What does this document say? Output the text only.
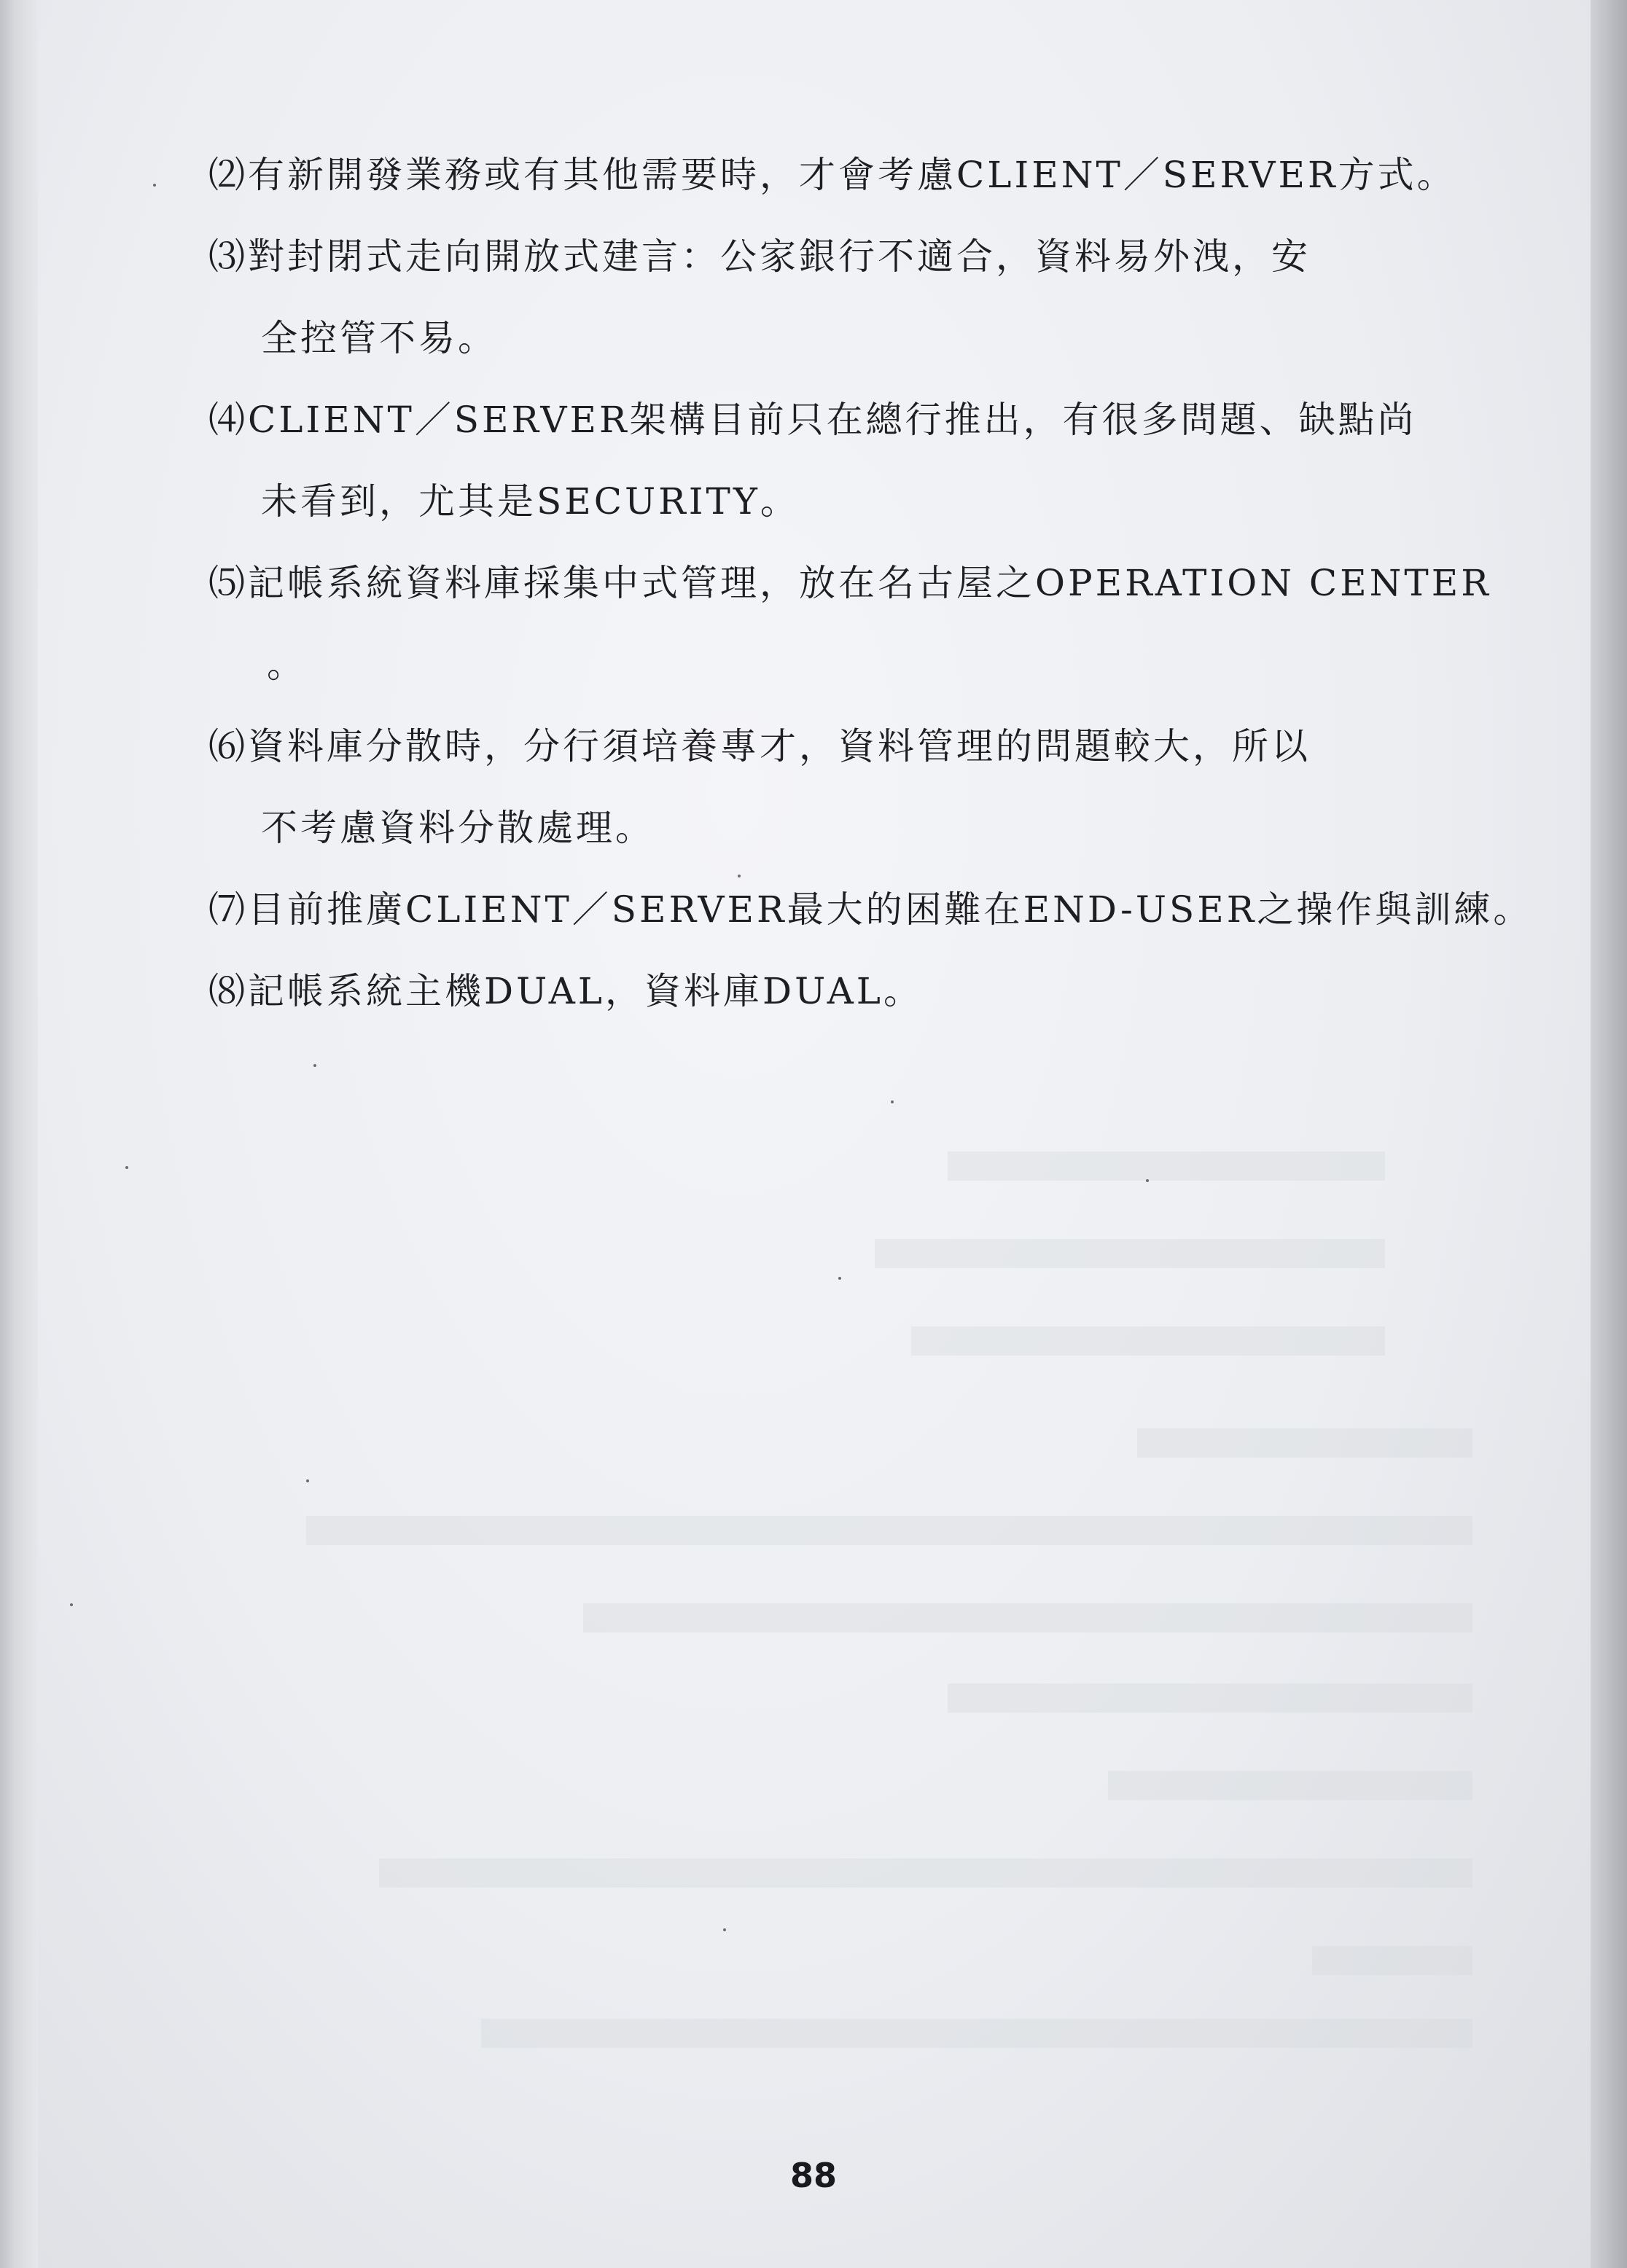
⑵有新開發業務或有其他需要時，才會考慮CLIENT／SERVER方式。
⑶對封閉式走向開放式建言：公家銀行不適合，資料易外洩，安
全控管不易。
⑷CLIENT／SERVER架構目前只在總行推出，有很多問題、缺點尚
未看到，尤其是SECURITY。
⑸記帳系統資料庫採集中式管理，放在名古屋之OPERATION CENTER
。
⑹資料庫分散時，分行須培養專才，資料管理的問題較大，所以
不考慮資料分散處理。
⑺目前推廣CLIENT／SERVER最大的困難在END-USER之操作與訓練。
⑻記帳系統主機DUAL，資料庫DUAL。
88
